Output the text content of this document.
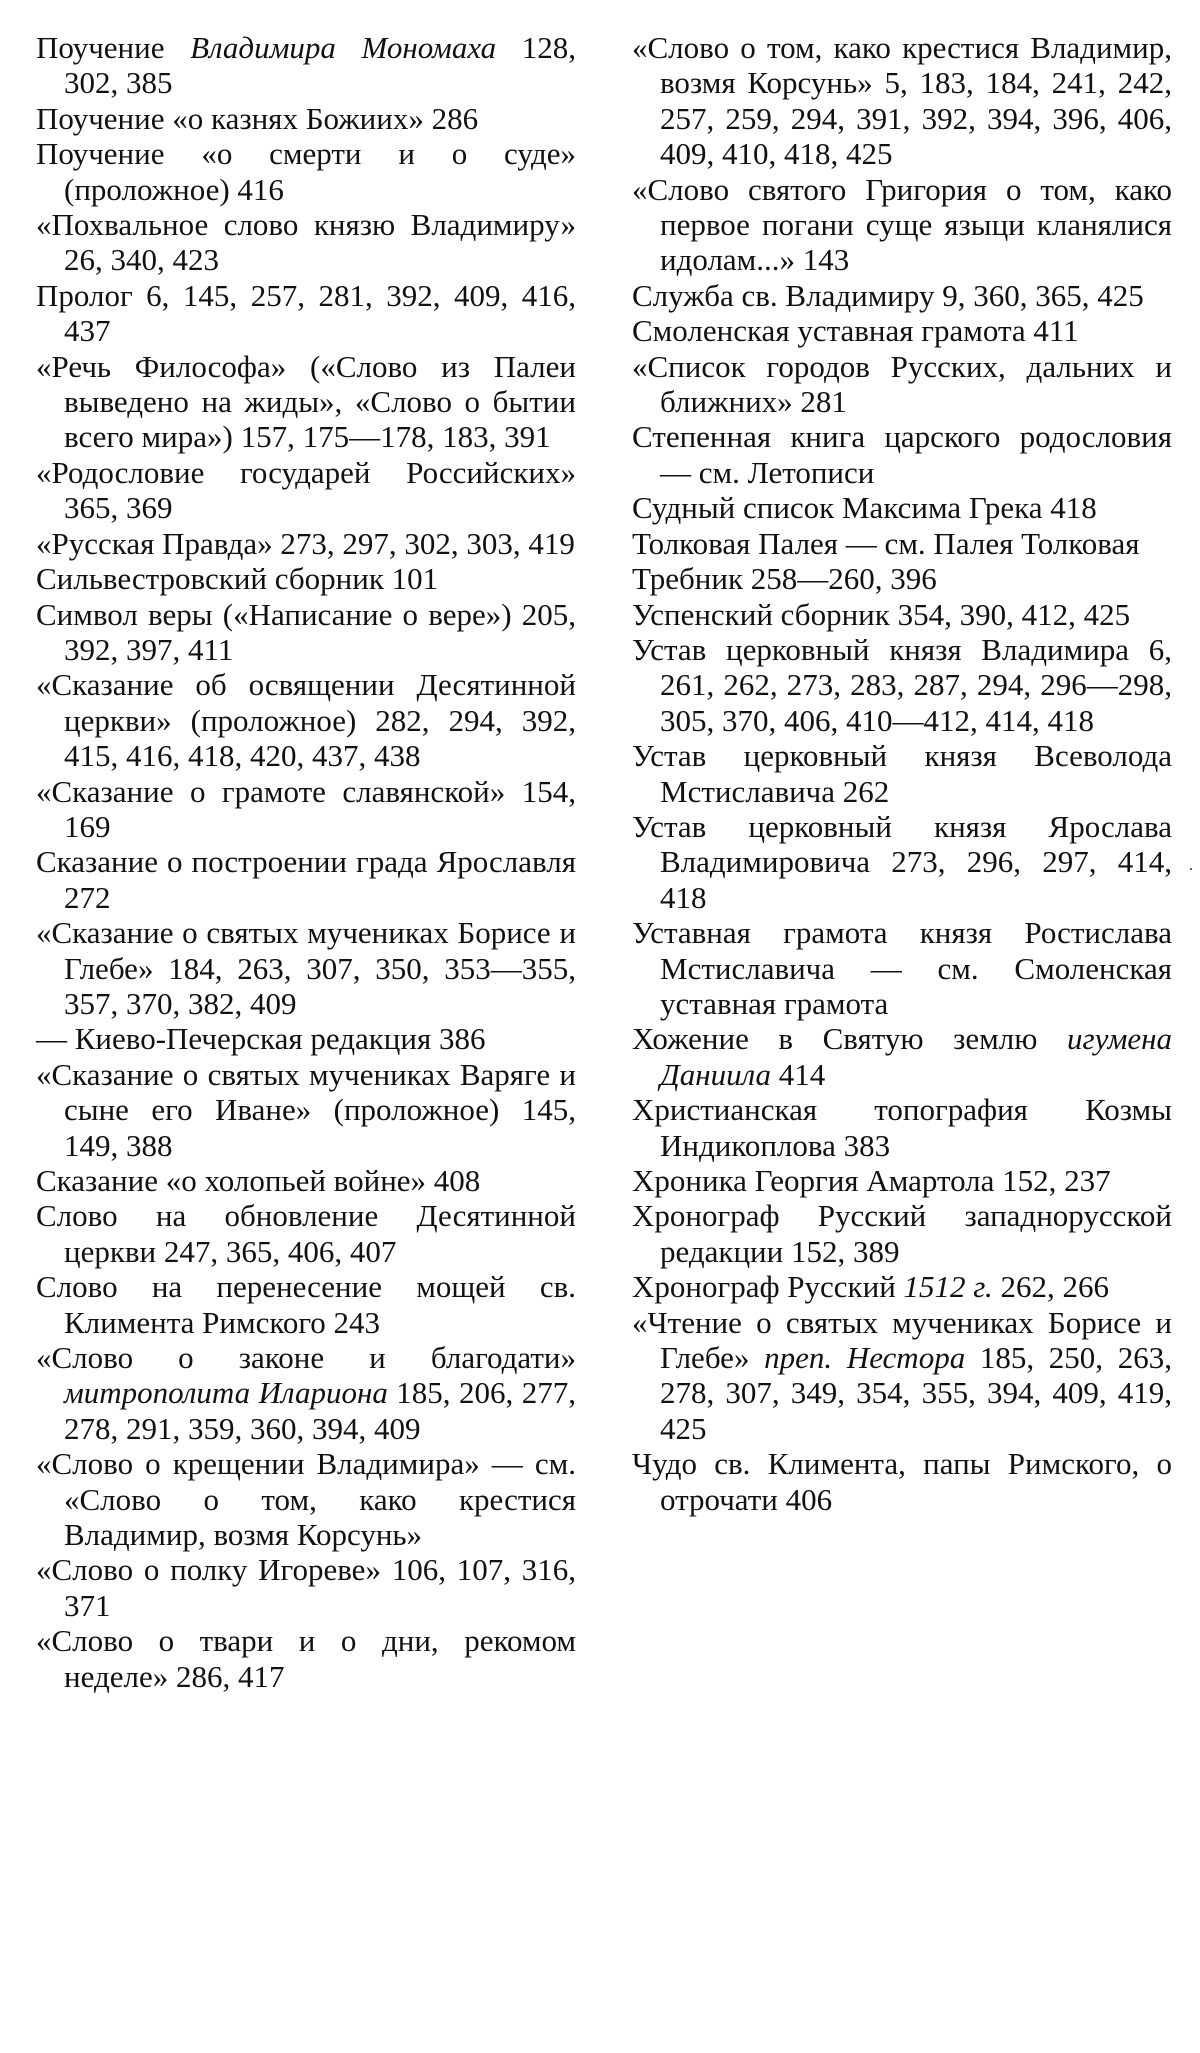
Поучение Владимира Мономаха 128, 302, 385

Поучение «о казнях Божиих» 286

Поучение «о смерти и о суде» (проложное) 416

«Похвальное слово князю Владимиру» 26, 340, 423

Пролог 6, 145, 257, 281, 392, 409, 416, 437

«Речь Философа» («Слово из Палеи выведено на жиды», «Слово о бытии всего мира») 157, 175—178, 183, 391

«Родословие государей Российских» 365, 369

«Русская Правда» 273, 297, 302, 303, 419

Сильвестровский сборник 101

Символ веры («Написание о вере») 205, 392, 397, 411

«Сказание об освящении Десятинной церкви» (проложное) 282, 294, 392, 415, 416, 418, 420, 437, 438

«Сказание о грамоте славянской» 154, 169

Сказание о построении града Ярославля 272

«Сказание о святых мучениках Борисе и Глебе» 184, 263, 307, 350, 353—355, 357, 370, 382, 409

— Киево-Печерская редакция 386

«Сказание о святых мучениках Варяге и сыне его Иване» (проложное) 145, 149, 388

Сказание «о холопьей войне» 408

Слово на обновление Десятинной церкви 247, 365, 406, 407

Слово на перенесение мощей св. Климента Римского 243

«Слово о законе и благодати» митрополита Илариона 185, 206, 277, 278, 291, 359, 360, 394, 409

«Слово о крещении Владимира» — см. «Слово о том, како крестися Владимир, возмя Корсунь»

«Слово о полку Игореве» 106, 107, 316, 371

«Слово о твари и о дни, рекомом неделе» 286, 417

«Слово о том, како крестися Владимир, возмя Корсунь» 5, 183, 184, 241, 242, 257, 259, 294, 391, 392, 394, 396, 406, 409, 410, 418, 425

«Слово святого Григория о том, како первое погани суще языци кланялися идолам...» 143

Служба св. Владимиру 9, 360, 365, 425

Смоленская уставная грамота 411

«Список городов Русских, дальних и ближних» 281

Степенная книга царского родословия — см. Летописи

Судный список Максима Грека 418

Толковая Палея — см. Палея Толковая

Требник 258—260, 396

Успенский сборник 354, 390, 412, 425

Устав церковный князя Владимира 6, 261, 262, 273, 283, 287, 294, 296—298, 305, 370, 406, 410—412, 414, 418

Устав церковный князя Всеволода Мстиславича 262

Устав церковный князя Ярослава Владимировича 273, 296, 297, 414, 418

Уставная грамота князя Ростислава Мстиславича — см. Смоленская уставная грамота

Хожение в Святую землю игумена Даниила 414

Христианская топография Козмы Индикоплова 383

Хроника Георгия Амартола 152, 237

Хронограф Русский западнорусской редакции 152, 389

Хронограф Русский 1512 г. 262, 266

«Чтение о святых мучениках Борисе и Глебе» преп. Нестора 185, 250, 263, 278, 307, 349, 354, 355, 394, 409, 419, 425

Чудо св. Климента, папы Римского, о отрочати 406
